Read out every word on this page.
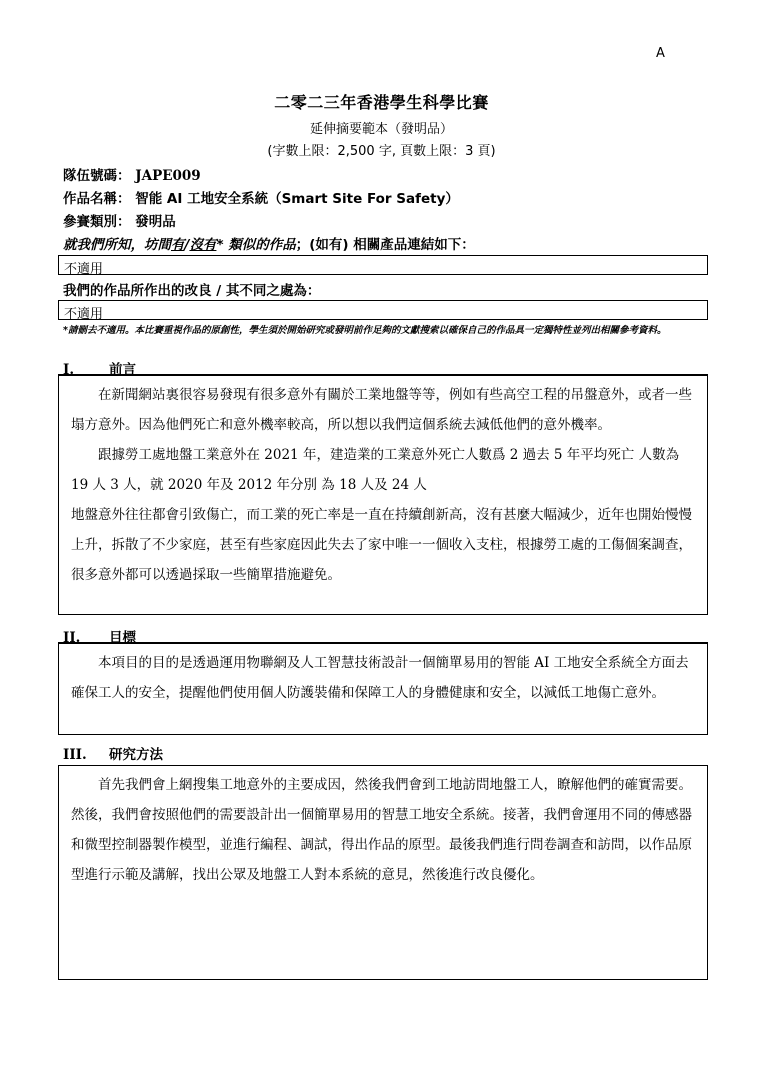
A
二零二三年香港學生科學比賽
延伸摘要範本（發明品）
(字數上限：2,500 字, 頁數上限：3 頁)
隊伍號碼： JAPE009
作品名稱： 智能 AI 工地安全系統（Smart Site For Safety）
參賽類別： 發明品
就我們所知，坊間有/沒有* 類似的作品；(如有) 相關產品連結如下：
不適用
我們的作品所作出的改良 / 其不同之處為：
不適用
*請刪去不適用。本比賽重視作品的原創性，學生須於開始研究或發明前作足夠的文獻搜索以確保自己的作品具一定獨特性並列出相關參考資料。
I.	前言

在新聞網站裏很容易發現有很多意外有關於工業地盤等等，例如有些高空工程的吊盤意外，或者一些塌方意外。因為他們死亡和意外機率較高，所以想以我們這個系統去減低他們的意外機率。

跟據勞工處地盤工業意外在 2021 年，建造業的工業意外死亡人數爲 2 過去 5 年平均死亡 人數為 19 人 3 人，就 2020 年及 2012 年分別 為 18 人及 24 人

地盤意外往往都會引致傷亡，而工業的死亡率是一直在持續創新高，沒有甚麼大幅減少，近年也開始慢慢上升，拆散了不少家庭，甚至有些家庭因此失去了家中唯一一個收入支柱，根據勞工處的工傷個案調查，很多意外都可以透過採取一些簡單措施避免。

II. 目標

本項目的目的是透過運用物聯網及人工智慧技術設計一個簡單易用的智能 AI 工地安全系統全方面去確保工人的安全，提醒他們使用個人防護裝備和保障工人的身體健康和安全，以減低工地傷亡意外。

III. 研究方法

首先我們會上網搜集工地意外的主要成因，然後我們會到工地訪問地盤工人，瞭解他們的確實需要。然後，我們會按照他們的需要設計出一個簡單易用的智慧工地安全系統。接著，我們會運用不同的傳感器和微型控制器製作模型，並進行編程、調試，得出作品的原型。最後我們進行問卷調查和訪問，以作品原型進行示範及講解，找出公眾及地盤工人對本系統的意見，然後進行改良優化。
